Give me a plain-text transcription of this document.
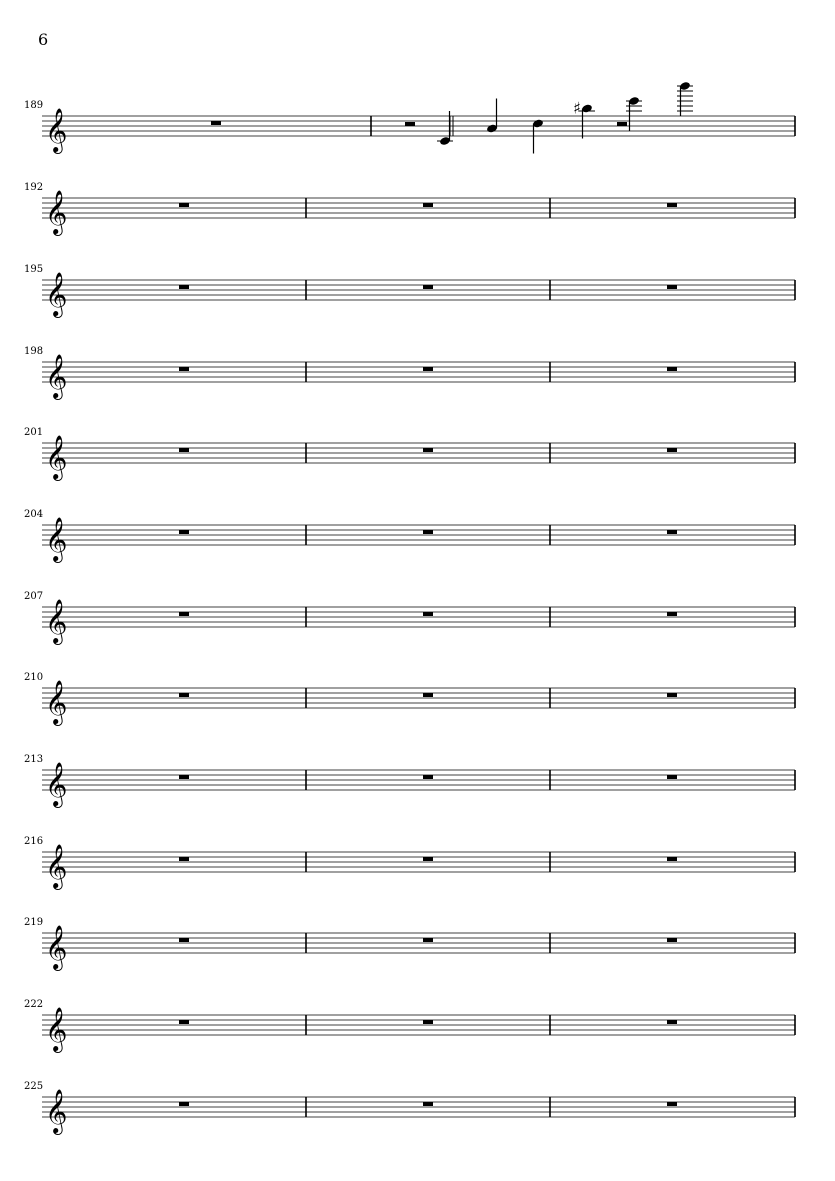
6
189
𝄞	♯
192
𝄞
195
𝄞
198
𝄞
201
𝄞
204
𝄞
207
𝄞
210
𝄞
213
𝄞
216
𝄞
219
𝄞
222
𝄞
225
𝄞
